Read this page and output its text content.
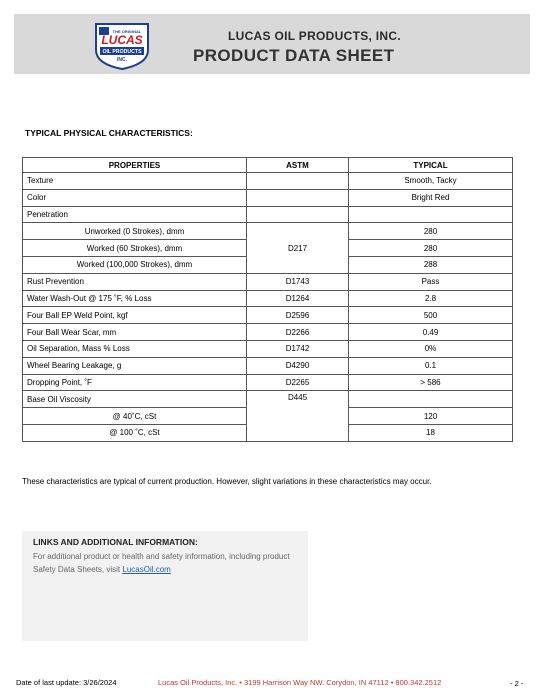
THE ORIGINAL
LUCAS
OIL PRODUCTS
INC.
LUCAS OIL PRODUCTS, INC.
PRODUCT DATA SHEET
TYPICAL PHYSICAL CHARACTERISTICS:
PROPERTIES	ASTM	TYPICAL
Texture		Smooth, Tacky
Color		Bright Red
Penetration		
Unworked (0 Strokes), dmm	D217	280
Worked (60 Strokes), dmm		280
Worked (100,000 Strokes), dmm		288
Rust Prevention	D1743	Pass
Water Wash-Out @ 175 ˚F, % Loss	D1264	2.8
Four Ball EP Weld Point, kgf	D2596	500
Four Ball Wear Scar, mm	D2266	0.49
Oil Separation, Mass % Loss	D1742	0%
Wheel Bearing Leakage, g	D4290	0.1
Dropping Point, ˚F	D2265	> 586
Base Oil Viscosity	D445	
@ 40˚C, cSt		120
@ 100 ˚C, cSt		18
These characteristics are typical of current production. However, slight variations in these characteristics may occur.
LINKS AND ADDITIONAL INFORMATION:
For additional product or health and safety information, including product Safety Data Sheets, visit LucasOil.com
Date of last update: 3/26/2024	Lucas Oil Products, Inc. • 3199 Harrison Way NW. Corydon, IN 47112 • 800.342.2512	- 2 -
